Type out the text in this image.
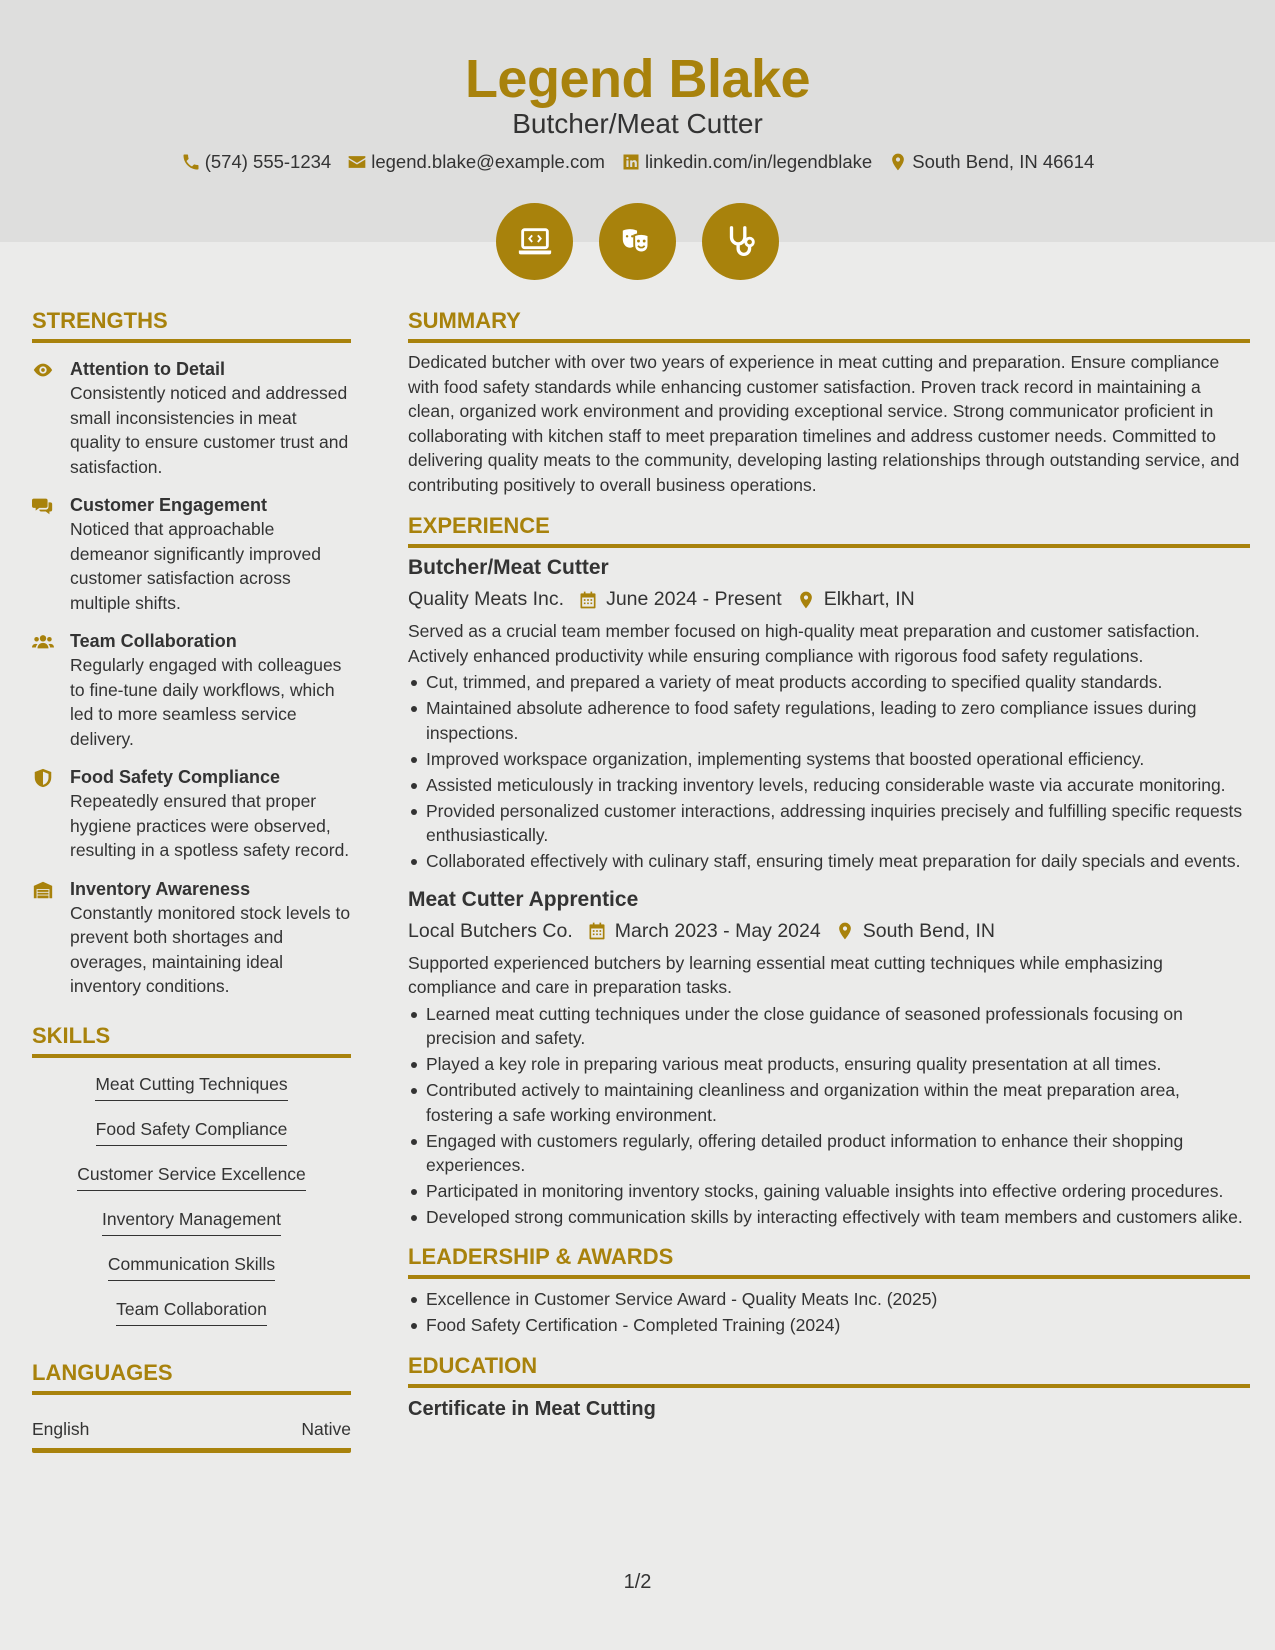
Legend Blake
Butcher/Meat Cutter
(574) 555-1234 legend.blake@example.com linkedin.com/in/legendblake South Bend, IN 46614
STRENGTHS
Attention to Detail
Consistently noticed and addressed small inconsistencies in meat quality to ensure customer trust and satisfaction.
Customer Engagement
Noticed that approachable demeanor significantly improved customer satisfaction across multiple shifts.
Team Collaboration
Regularly engaged with colleagues to fine-tune daily workflows, which led to more seamless service delivery.
Food Safety Compliance
Repeatedly ensured that proper hygiene practices were observed, resulting in a spotless safety record.
Inventory Awareness
Constantly monitored stock levels to prevent both shortages and overages, maintaining ideal inventory conditions.
SKILLS
Meat Cutting Techniques
Food Safety Compliance
Customer Service Excellence
Inventory Management
Communication Skills
Team Collaboration
LANGUAGES
English	Native
SUMMARY
Dedicated butcher with over two years of experience in meat cutting and preparation. Ensure compliance with food safety standards while enhancing customer satisfaction. Proven track record in maintaining a clean, organized work environment and providing exceptional service. Strong communicator proficient in collaborating with kitchen staff to meet preparation timelines and address customer needs. Committed to delivering quality meats to the community, developing lasting relationships through outstanding service, and contributing positively to overall business operations.
EXPERIENCE
Butcher/Meat Cutter
Quality Meats Inc. June 2024 - Present Elkhart, IN
Served as a crucial team member focused on high-quality meat preparation and customer satisfaction. Actively enhanced productivity while ensuring compliance with rigorous food safety regulations.
Cut, trimmed, and prepared a variety of meat products according to specified quality standards.
Maintained absolute adherence to food safety regulations, leading to zero compliance issues during inspections.
Improved workspace organization, implementing systems that boosted operational efficiency.
Assisted meticulously in tracking inventory levels, reducing considerable waste via accurate monitoring.
Provided personalized customer interactions, addressing inquiries precisely and fulfilling specific requests enthusiastically.
Collaborated effectively with culinary staff, ensuring timely meat preparation for daily specials and events.
Meat Cutter Apprentice
Local Butchers Co. March 2023 - May 2024 South Bend, IN
Supported experienced butchers by learning essential meat cutting techniques while emphasizing compliance and care in preparation tasks.
Learned meat cutting techniques under the close guidance of seasoned professionals focusing on precision and safety.
Played a key role in preparing various meat products, ensuring quality presentation at all times.
Contributed actively to maintaining cleanliness and organization within the meat preparation area, fostering a safe working environment.
Engaged with customers regularly, offering detailed product information to enhance their shopping experiences.
Participated in monitoring inventory stocks, gaining valuable insights into effective ordering procedures.
Developed strong communication skills by interacting effectively with team members and customers alike.
LEADERSHIP & AWARDS
Excellence in Customer Service Award - Quality Meats Inc. (2025)
Food Safety Certification - Completed Training (2024)
EDUCATION
Certificate in Meat Cutting
1/2
